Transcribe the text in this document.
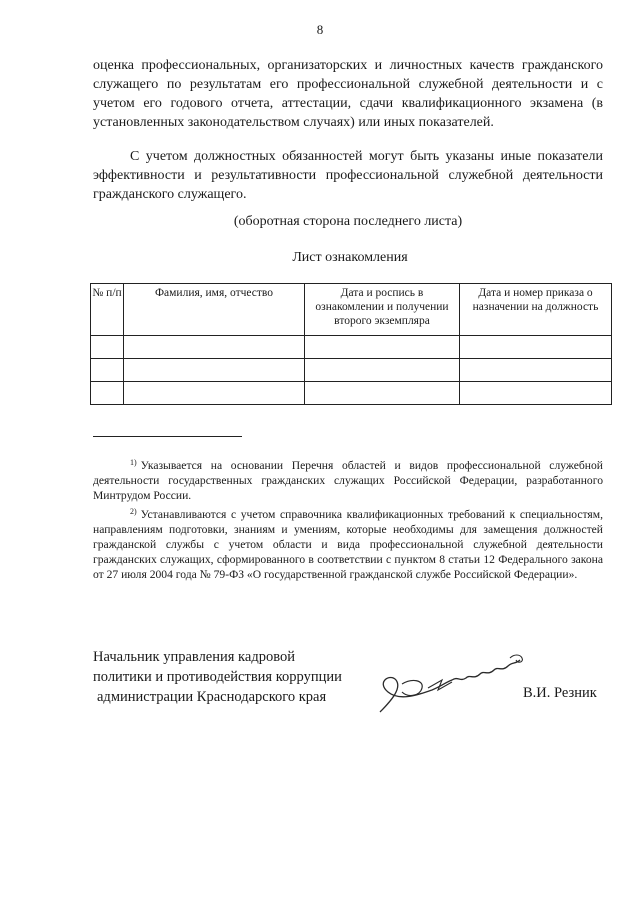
8

оценка профессиональных, организаторских и личностных качеств гражданского служащего по результатам его профессиональной служебной деятельности и с учетом его годового отчета, аттестации, сдачи квалификационного экзамена (в установленных законодательством случаях) или иных показателей.

С учетом должностных обязанностей могут быть указаны иные показатели эффективности и результативности профессиональной служебной деятельности гражданского служащего.

(оборотная сторона последнего листа)

Лист ознакомления

№ п/п	Фамилия, имя, отчество	Дата и роспись в ознакомлении и получении второго экземпляра	Дата и номер приказа о назначении на должность

$^{1)}$ Указывается на основании Перечня областей и видов профессиональной служебной деятельности государственных гражданских служащих Российской Федерации, разработанного Минтрудом России.

$^{2)}$ Устанавливаются с учетом справочника квалификационных требований к специальностям, направлениям подготовки, знаниям и умениям, которые необходимы для замещения должностей гражданской службы с учетом области и вида профессиональной служебной деятельности гражданских служащих, сформированного в соответствии с пунктом 8 статьи 12 Федерального закона от 27 июля 2004 года № 79-ФЗ «О государственной гражданской службе Российской Федерации».

Начальник управления кадровой
политики и противодействия коррупции
администрации Краснодарского края	В.И. Резник
